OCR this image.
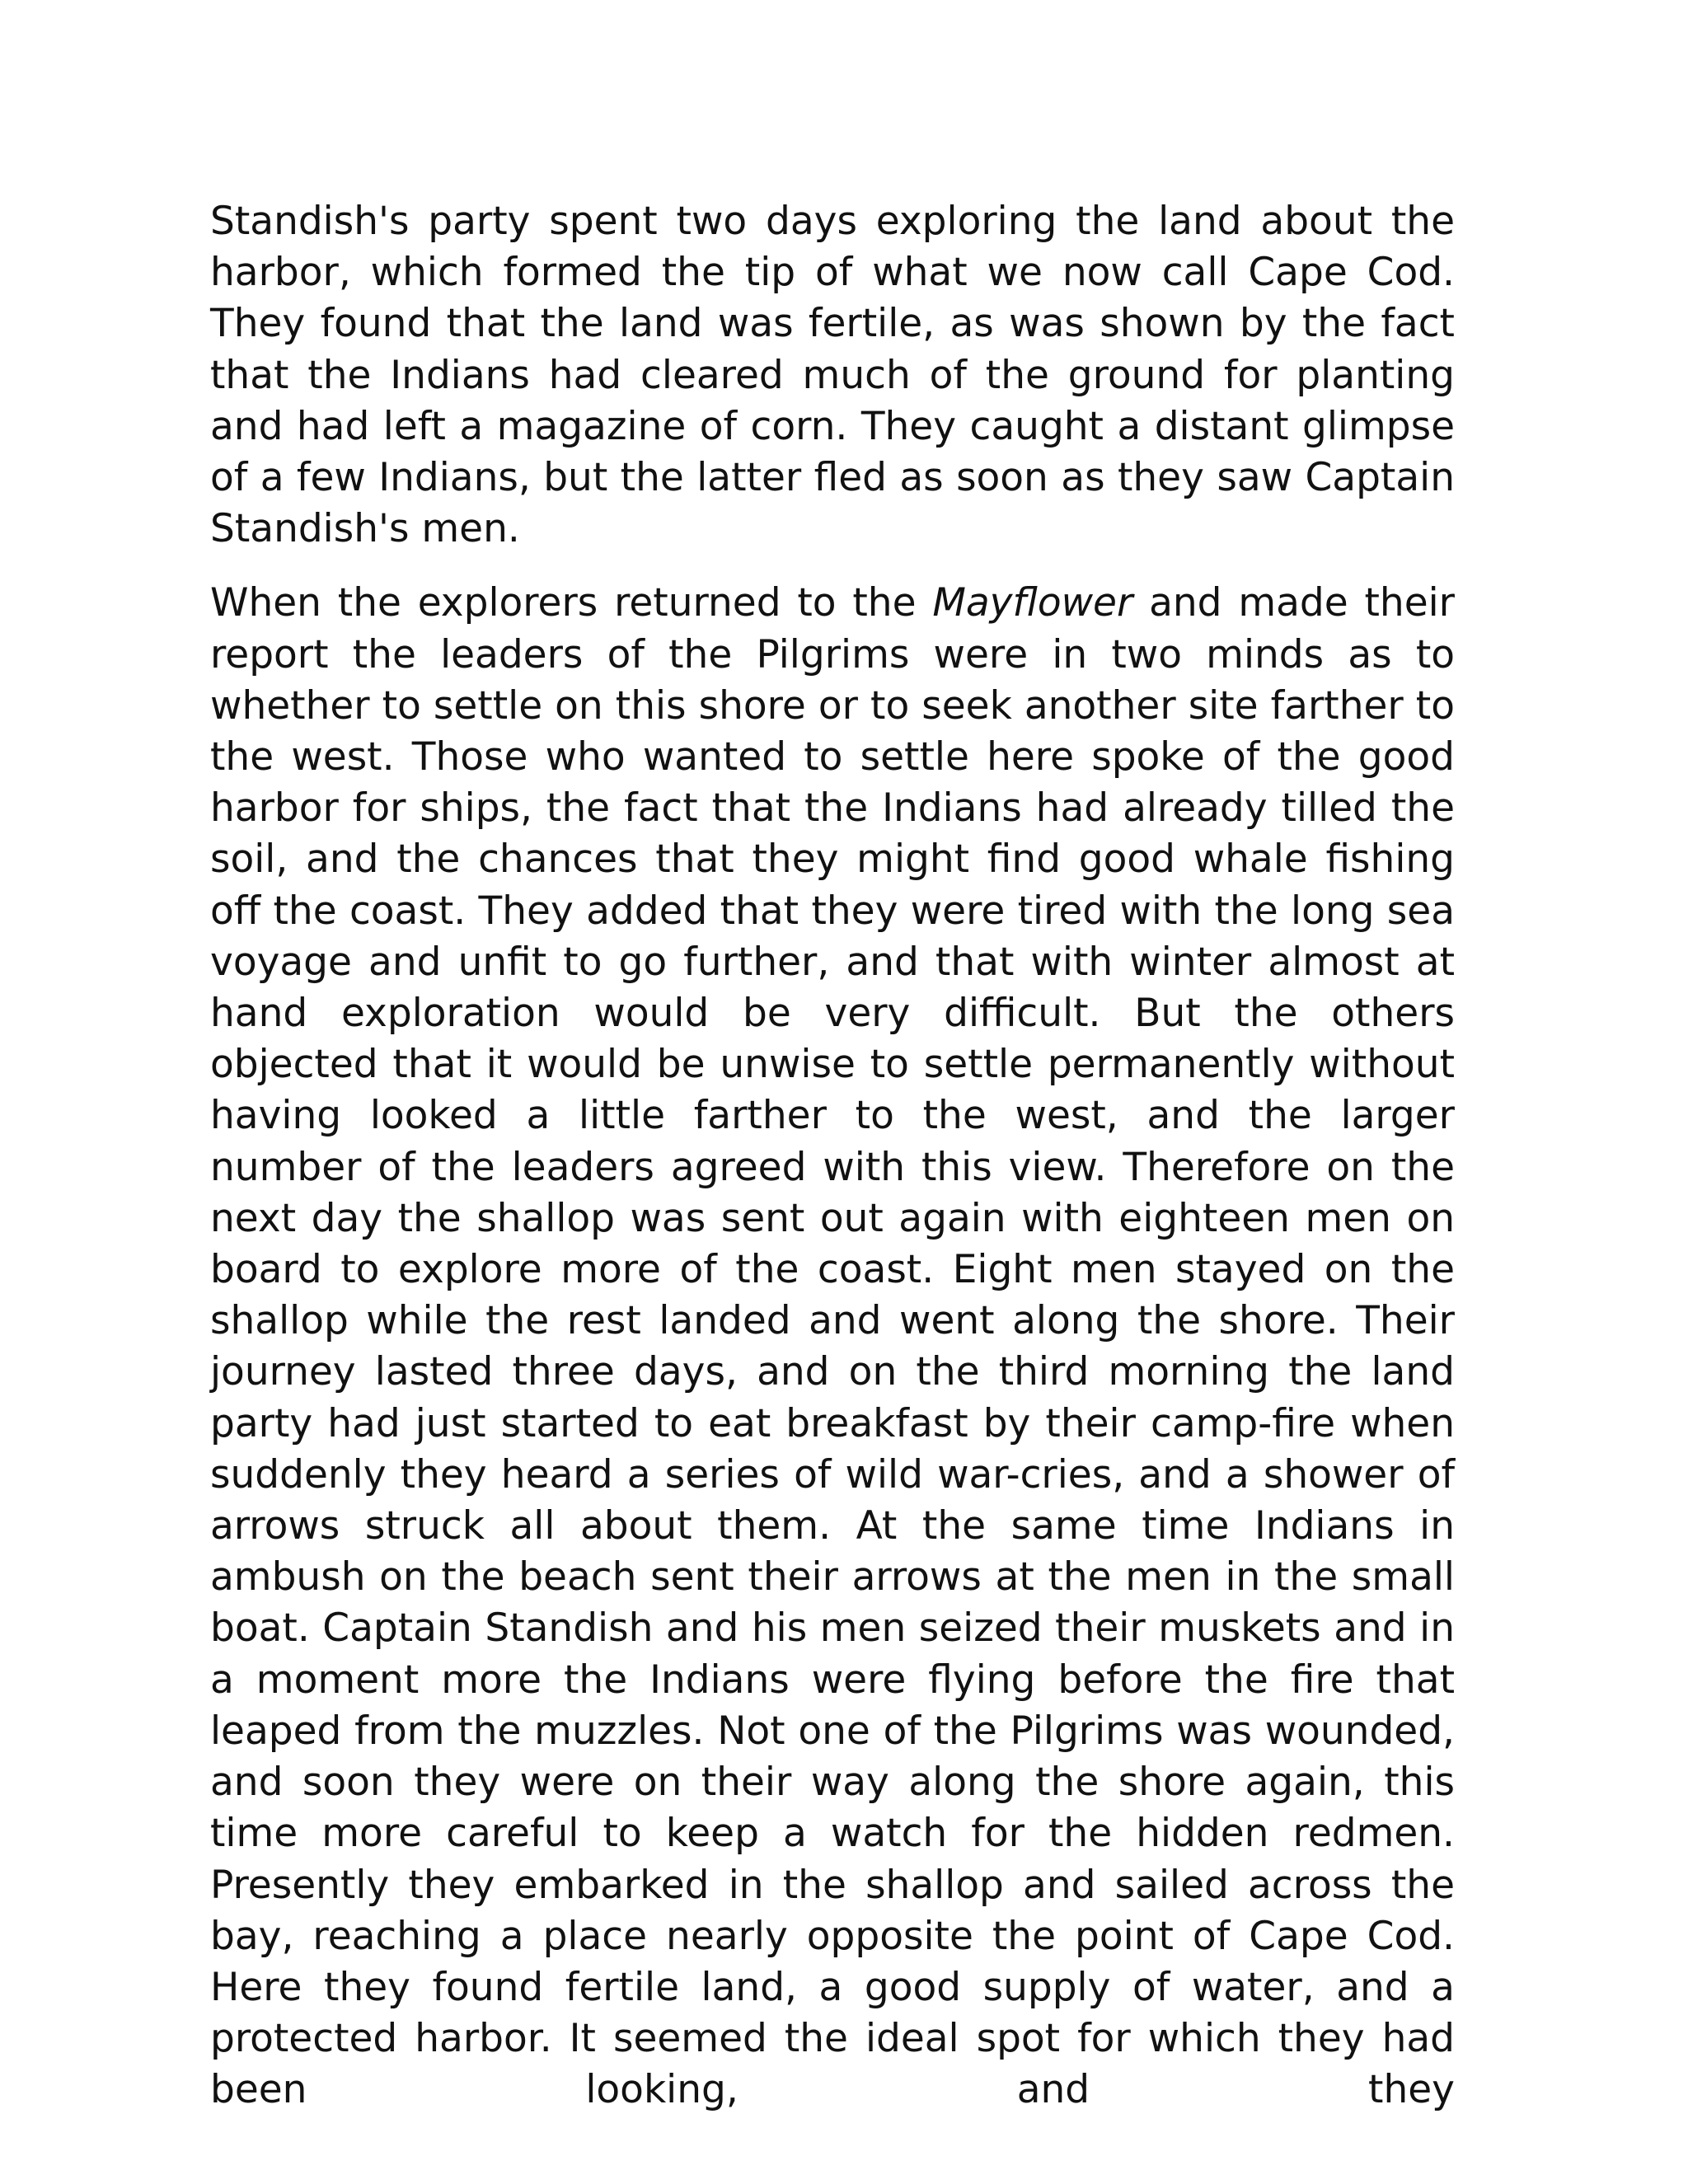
Standish's party spent two days exploring the land about the harbor, which formed the tip of what we now call Cape Cod. They found that the land was fertile, as was shown by the fact that the Indians had cleared much of the ground for planting and had left a magazine of corn. They caught a distant glimpse of a few Indians, but the latter fled as soon as they saw Captain Standish's men.

When the explorers returned to the Mayflower and made their report the leaders of the Pilgrims were in two minds as to whether to settle on this shore or to seek another site farther to the west. Those who wanted to settle here spoke of the good harbor for ships, the fact that the Indians had already tilled the soil, and the chances that they might find good whale fishing off the coast. They added that they were tired with the long sea voyage and unfit to go further, and that with winter almost at hand exploration would be very difficult. But the others objected that it would be unwise to settle permanently without having looked a little farther to the west, and the larger number of the leaders agreed with this view. Therefore on the next day the shallop was sent out again with eighteen men on board to explore more of the coast. Eight men stayed on the shallop while the rest landed and went along the shore. Their journey lasted three days, and on the third morning the land party had just started to eat breakfast by their camp-fire when suddenly they heard a series of wild war-cries, and a shower of arrows struck all about them. At the same time Indians in ambush on the beach sent their arrows at the men in the small boat. Captain Standish and his men seized their muskets and in a moment more the Indians were flying before the fire that leaped from the muzzles. Not one of the Pilgrims was wounded, and soon they were on their way along the shore again, this time more careful to keep a watch for the hidden redmen. Presently they embarked in the shallop and sailed across the bay, reaching a place nearly opposite the point of Cape Cod. Here they found fertile land, a good supply of water, and a protected harbor. It seemed the ideal spot for which they had been looking, and they
